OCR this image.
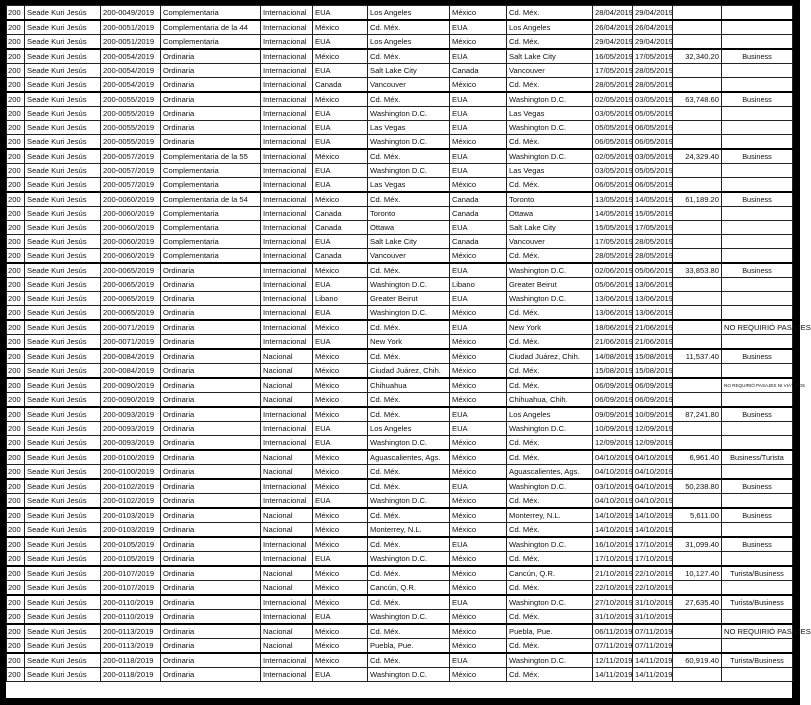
200	Seade Kuri Jesús	200-0049/2019	Complementaria	Internacional	EUA	Los Angeles	México	Cd. Méx.	28/04/2019	29/04/2019		
200	Seade Kuri Jesús	200-0051/2019	Complementaria de la 44	Internacional	México	Cd. Méx.	EUA	Los Angeles	26/04/2019	26/04/2019		
200	Seade Kuri Jesús	200-0051/2019	Complementaria	Internacional	EUA	Los Angeles	México	Cd. Méx.	29/04/2019	29/04/2019		
200	Seade Kuri Jesús	200-0054/2019	Ordinaria	Internacional	México	Cd. Méx.	EUA	Salt Lake City	16/05/2019	17/05/2019	32,340.20	Business
200	Seade Kuri Jesús	200-0054/2019	Ordinaria	Internacional	EUA	Salt Lake City	Canada	Vancouver	17/05/2019	28/05/2019		
200	Seade Kuri Jesús	200-0054/2019	Ordinaria	Internacional	Canada	Vancouver	México	Cd. Méx.	28/05/2019	28/05/2019		
200	Seade Kuri Jesús	200-0055/2019	Ordinaria	Internacional	México	Cd. Méx.	EUA	Washington D.C.	02/05/2019	03/05/2019	63,748.60	Business
200	Seade Kuri Jesús	200-0055/2019	Ordinaria	Internacional	EUA	Washington D.C.	EUA	Las Vegas	03/05/2019	05/05/2019		
200	Seade Kuri Jesús	200-0055/2019	Ordinaria	Internacional	EUA	Las Vegas	EUA	Washington D.C.	05/05/2019	06/05/2019		
200	Seade Kuri Jesús	200-0055/2019	Ordinaria	Internacional	EUA	Washington D.C.	México	Cd. Méx.	06/05/2019	06/05/2019		
200	Seade Kuri Jesús	200-0057/2019	Complementaria de la 55	Internacional	México	Cd. Méx.	EUA	Washington D.C.	02/05/2019	03/05/2019	24,329.40	Business
200	Seade Kuri Jesús	200-0057/2019	Complementaria	Internacional	EUA	Washington D.C.	EUA	Las Vegas	03/05/2019	05/05/2019		
200	Seade Kuri Jesús	200-0057/2019	Complementaria	Internacional	EUA	Las Vegas	México	Cd. Méx.	06/05/2019	06/05/2019		
200	Seade Kuri Jesús	200-0060/2019	Complementaria de la 54	Internacional	México	Cd. Méx.	Canada	Toronto	13/05/2019	14/05/2019	61,189.20	Business
200	Seade Kuri Jesús	200-0060/2019	Complementaria	Internacional	Canada	Toronto	Canada	Ottawa	14/05/2019	15/05/2019		
200	Seade Kuri Jesús	200-0060/2019	Complementaria	Internacional	Canada	Ottawa	EUA	Salt Lake City	15/05/2019	17/05/2019		
200	Seade Kuri Jesús	200-0060/2019	Complementaria	Internacional	EUA	Salt Lake City	Canada	Vancouver	17/05/2019	28/05/2019		
200	Seade Kuri Jesús	200-0060/2019	Complementaria	Internacional	Canada	Vancouver	México	Cd. Méx.	28/05/2019	28/05/2019		
200	Seade Kuri Jesús	200-0065/2019	Ordinaria	Internacional	México	Cd. Méx.	EUA	Washington D.C.	02/06/2019	05/06/2019	33,853.80	Business
200	Seade Kuri Jesús	200-0065/2019	Ordinaria	Internacional	EUA	Washington D.C.	Libano	Greater Beirut	05/06/2019	13/06/2019		
200	Seade Kuri Jesús	200-0065/2019	Ordinaria	Internacional	Libano	Greater Beirut	EUA	Washington D.C.	13/06/2019	13/06/2019		
200	Seade Kuri Jesús	200-0065/2019	Ordinaria	Internacional	EUA	Washington D.C.	México	Cd. Méx.	13/06/2019	13/06/2019		
200	Seade Kuri Jesús	200-0071/2019	Ordinaria	Internacional	México	Cd. Méx.	EUA	New York	18/06/2019	21/06/2019		NO REQUIRIÓ PASAJES
200	Seade Kuri Jesús	200-0071/2019	Ordinaria	Internacional	EUA	New York	México	Cd. Méx.	21/06/2019	21/06/2019		
200	Seade Kuri Jesús	200-0084/2019	Ordinaria	Nacional	México	Cd. Méx.	México	Ciudad Juárez, Chih.	14/08/2019	15/08/2019	11,537.40	Business
200	Seade Kuri Jesús	200-0084/2019	Ordinaria	Nacional	México	Ciudad Juárez, Chih.	México	Cd. Méx.	15/08/2019	15/08/2019		
200	Seade Kuri Jesús	200-0090/2019	Ordinaria	Nacional	México	Chihuahua	México	Cd. Méx.	06/09/2019	06/09/2019		NO REQUIRIÓ PASAJES NI VIÁTICOS
200	Seade Kuri Jesús	200-0090/2019	Ordinaria	Nacional	México	Cd. Méx.	México	Chihuahua, Chih.	06/09/2019	06/09/2019		
200	Seade Kuri Jesús	200-0093/2019	Ordinaria	Internacional	México	Cd. Méx.	EUA	Los Angeles	09/09/2019	10/09/2019	87,241.80	Business
200	Seade Kuri Jesús	200-0093/2019	Ordinaria	Internacional	EUA	Los Angeles	EUA	Washington D.C.	10/09/2019	12/09/2019		
200	Seade Kuri Jesús	200-0093/2019	Ordinaria	Internacional	EUA	Washington D.C.	México	Cd. Méx.	12/09/2019	12/09/2019		
200	Seade Kuri Jesús	200-0100/2019	Ordinaria	Nacional	México	Aguascalientes, Ags.	México	Cd. Méx.	04/10/2019	04/10/2019	6,961.40	Business/Turista
200	Seade Kuri Jesús	200-0100/2019	Ordinaria	Nacional	México	Cd. Méx.	México	Aguascalientes, Ags.	04/10/2019	04/10/2019		
200	Seade Kuri Jesús	200-0102/2019	Ordinaria	Internacional	México	Cd. Méx.	EUA	Washington D.C.	03/10/2019	04/10/2019	50,238.80	Business
200	Seade Kuri Jesús	200-0102/2019	Ordinaria	Internacional	EUA	Washington D.C.	México	Cd. Méx.	04/10/2019	04/10/2019		
200	Seade Kuri Jesús	200-0103/2019	Ordinaria	Nacional	México	Cd. Méx.	México	Monterrey, N.L.	14/10/2019	14/10/2019	5,611.00	Business
200	Seade Kuri Jesús	200-0103/2019	Ordinaria	Nacional	México	Monterrey, N.L.	México	Cd. Méx.	14/10/2019	14/10/2019		
200	Seade Kuri Jesús	200-0105/2019	Ordinaria	Internacional	México	Cd. Méx.	EUA	Washington D.C.	16/10/2019	17/10/2019	31,099.40	Business
200	Seade Kuri Jesús	200-0105/2019	Ordinaria	Internacional	EUA	Washington D.C.	México	Cd. Méx.	17/10/2019	17/10/2019		
200	Seade Kuri Jesús	200-0107/2019	Ordinaria	Nacional	México	Cd. Méx.	México	Cancún, Q.R.	21/10/2019	22/10/2019	10,127.40	Turista/Business
200	Seade Kuri Jesús	200-0107/2019	Ordinaria	Nacional	México	Cancún, Q.R.	México	Cd. Méx.	22/10/2019	22/10/2019		
200	Seade Kuri Jesús	200-0110/2019	Ordinaria	Internacional	México	Cd. Méx.	EUA	Washington D.C.	27/10/2019	31/10/2019	27,635.40	Turista/Business
200	Seade Kuri Jesús	200-0110/2019	Ordinaria	Internacional	EUA	Washington D.C.	México	Cd. Méx.	31/10/2019	31/10/2019		
200	Seade Kuri Jesús	200-0113/2019	Ordinaria	Nacional	México	Cd. Méx.	México	Puebla, Pue.	06/11/2019	07/11/2019		NO REQUIRIÓ PASAJES
200	Seade Kuri Jesús	200-0113/2019	Ordinaria	Nacional	México	Puebla, Pue.	México	Cd. Méx.	07/11/2019	07/11/2019		
200	Seade Kuri Jesús	200-0118/2019	Ordinaria	Internacional	México	Cd. Méx.	EUA	Washington D.C.	12/11/2019	14/11/2019	60,919.40	Turista/Business
200	Seade Kuri Jesús	200-0118/2019	Ordinaria	Internacional	EUA	Washington D.C.	México	Cd. Méx.	14/11/2019	14/11/2019		
